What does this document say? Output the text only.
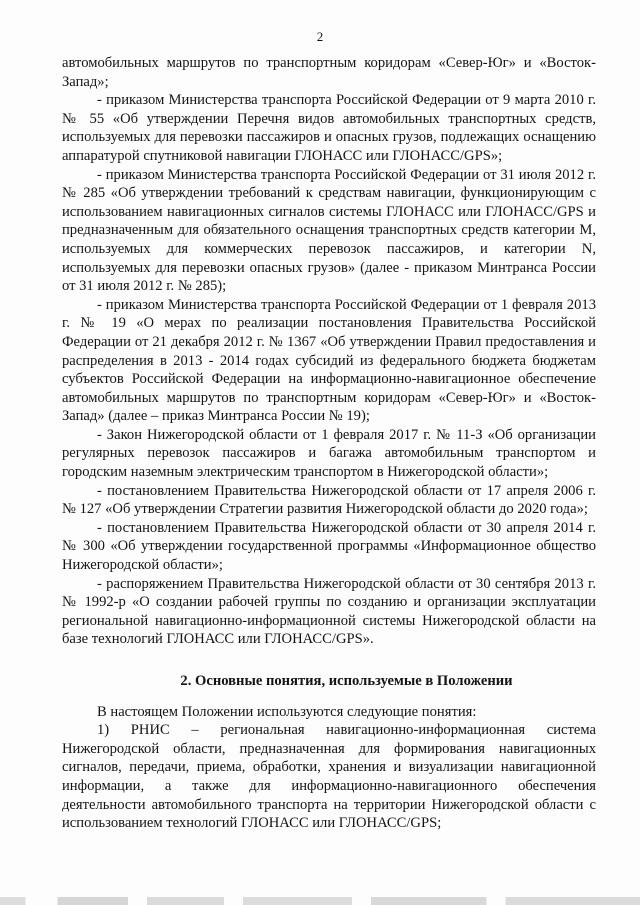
2
автомобильных маршрутов по транспортным коридорам «Север-Юг» и «Восток-Запад»;
- приказом Министерства транспорта Российской Федерации от 9 марта 2010 г. № 55 «Об утверждении Перечня видов автомобильных транспортных средств, используемых для перевозки пассажиров и опасных грузов, подлежащих оснащению аппаратурой спутниковой навигации ГЛОНАСС или ГЛОНАСС/GPS»;
- приказом Министерства транспорта Российской Федерации от 31 июля 2012 г. № 285 «Об утверждении требований к средствам навигации, функционирующим с использованием навигационных сигналов системы ГЛОНАСС или ГЛОНАСС/GPS и предназначенным для обязательного оснащения транспортных средств категории M, используемых для коммерческих перевозок пассажиров, и категории N, используемых для перевозки опасных грузов» (далее - приказом Минтранса России от 31 июля 2012 г. № 285);
- приказом Министерства транспорта Российской Федерации от 1 февраля 2013 г. № 19 «О мерах по реализации постановления Правительства Российской Федерации от 21 декабря 2012 г. № 1367 «Об утверждении Правил предоставления и распределения в 2013 - 2014 годах субсидий из федерального бюджета бюджетам субъектов Российской Федерации на информационно-навигационное обеспечение автомобильных маршрутов по транспортным коридорам «Север-Юг» и «Восток-Запад» (далее – приказ Минтранса России № 19);
- Закон Нижегородской области от 1 февраля 2017 г. № 11-З «Об организации регулярных перевозок пассажиров и багажа автомобильным транспортом и городским наземным электрическим транспортом в Нижегородской области»;
- постановлением Правительства Нижегородской области от 17 апреля 2006 г. № 127 «Об утверждении Стратегии развития Нижегородской области до 2020 года»;
- постановлением Правительства Нижегородской области от 30 апреля 2014 г. № 300 «Об утверждении государственной программы «Информационное общество Нижегородской области»;
- распоряжением Правительства Нижегородской области от 30 сентября 2013 г. № 1992-р «О создании рабочей группы по созданию и организации эксплуатации региональной навигационно-информационной системы Нижегородской области на базе технологий ГЛОНАСС или ГЛОНАСС/GPS».
2. Основные понятия, используемые в Положении
В настоящем Положении используются следующие понятия:
1) РНИС – региональная навигационно-информационная система Нижегородской области, предназначенная для формирования навигационных сигналов, передачи, приема, обработки, хранения и визуализации навигационной информации, а также для информационно-навигационного обеспечения деятельности автомобильного транспорта на территории Нижегородской области с использованием технологий ГЛОНАСС или ГЛОНАСС/GPS;
